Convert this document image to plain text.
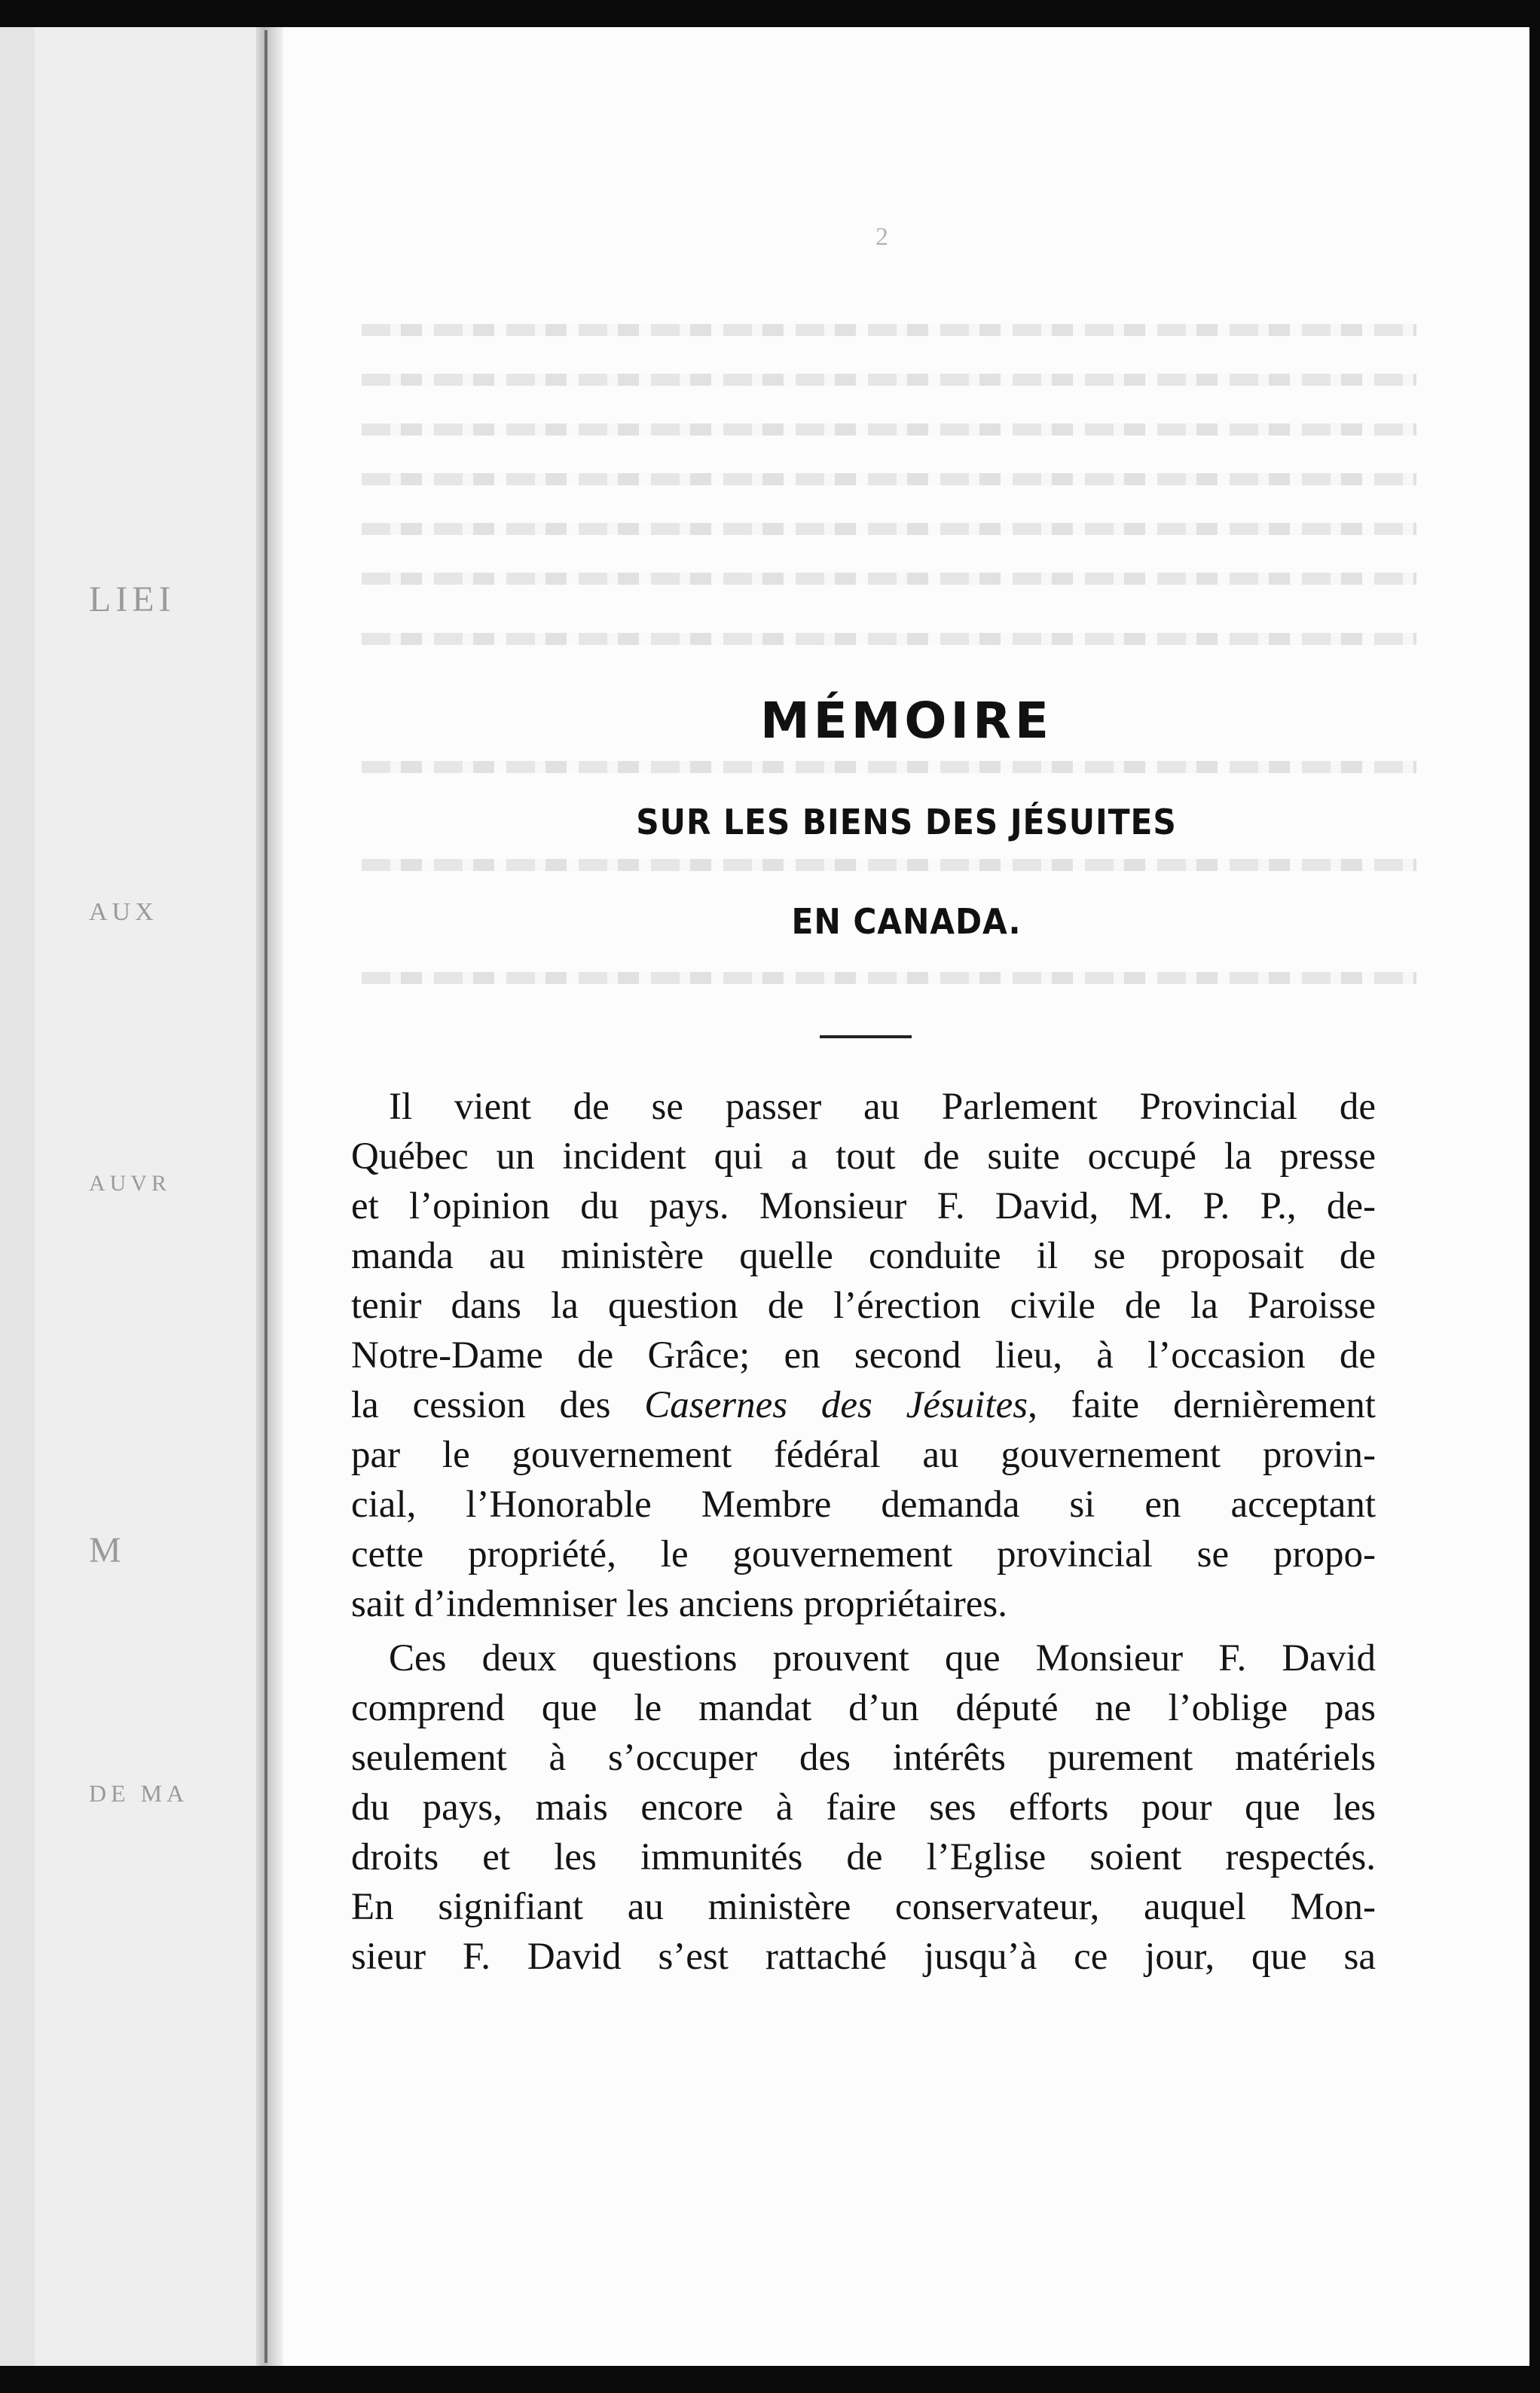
LIEI
AUX
AUVR
M
DE MA
2
MÉMOIRE
SUR LES BIENS DES JÉSUITES
EN CANADA.
Il vient de se passer au Parlement Provincial de
Québec un incident qui a tout de suite occupé la presse
et l’opinion du pays. Monsieur F. David, M. P. P., de-
manda au ministère quelle conduite il se proposait de
tenir dans la question de l’érection civile de la Paroisse
Notre-Dame de Grâce; en second lieu, à l’occasion de
la cession des Casernes des Jésuites, faite dernièrement
par le gouvernement fédéral au gouvernement provin-
cial, l’Honorable Membre demanda si en acceptant
cette propriété, le gouvernement provincial se propo-
sait d’indemniser les anciens propriétaires.
Ces deux questions prouvent que Monsieur F. David
comprend que le mandat d’un député ne l’oblige pas
seulement à s’occuper des intérêts purement matériels
du pays, mais encore à faire ses efforts pour que les
droits et les immunités de l’Eglise soient respectés.
En signifiant au ministère conservateur, auquel Mon-
sieur F. David s’est rattaché jusqu’à ce jour, que sa
